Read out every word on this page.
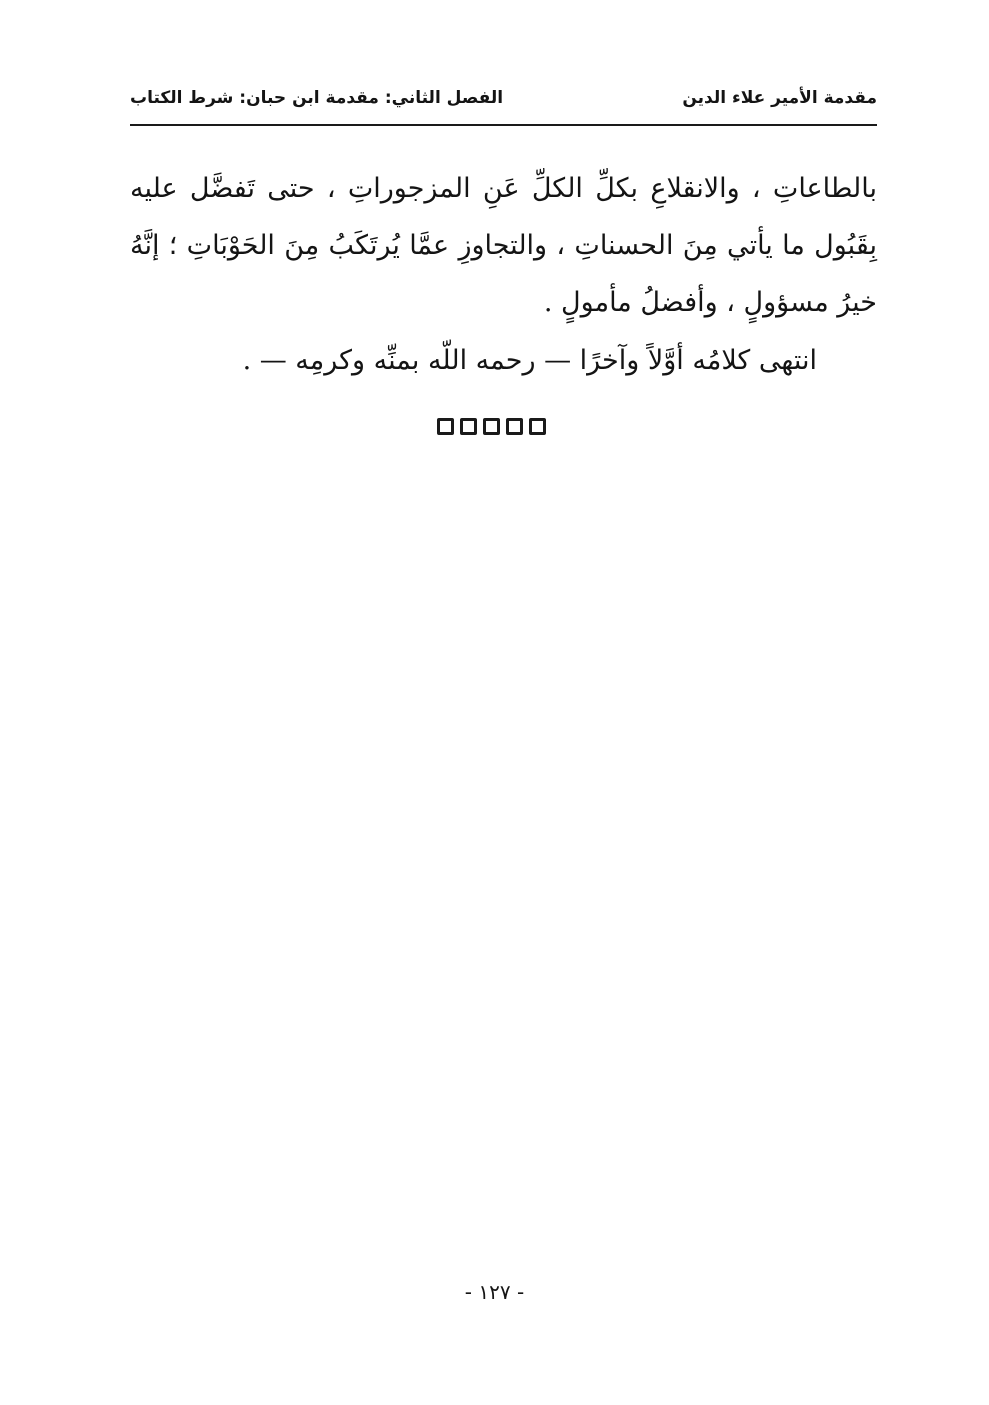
مقدمة الأمير علاء الدين
الفصل الثاني: مقدمة ابن حبان: شرط الكتاب
بالطاعاتِ ، والانقلاعِ بكلِّ الكلِّ عَنِ المزجوراتِ ، حتى تَفضَّل عليه بِقَبُول ما يأتي مِنَ الحسناتِ ، والتجاوزِ عمَّا يُرتَكَبُ مِنَ الحَوْبَاتِ ؛ إنَّهُ خيرُ مسؤولٍ ، وأفضلُ مأمولٍ .
انتهى كلامُه أوَّلاً وآخرًا — رحمه اللّه بمنِّه وكرمِه — .
- ١٢٧ -
